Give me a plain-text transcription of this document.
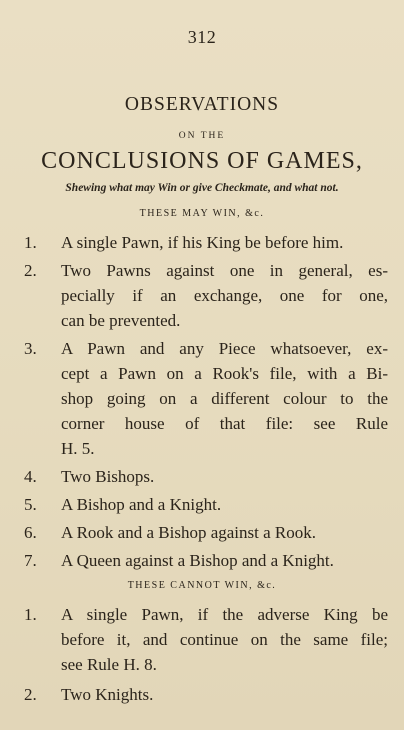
312
OBSERVATIONS
ON THE
CONCLUSIONS OF GAMES,
Shewing what may Win or give Checkmate, and what not.
THESE MAY WIN, &c.
1.	A single Pawn, if his King be before him.
2.	Two Pawns against one in general, es-
pecially if an exchange, one for one,
can be prevented.
3.	A Pawn and any Piece whatsoever, ex-
cept a Pawn on a Rook's file, with a Bi-
shop going on a different colour to the
corner house of that file: see Rule
H. 5.
4.	Two Bishops.
5.	A Bishop and a Knight.
6.	A Rook and a Bishop against a Rook.
7.	A Queen against a Bishop and a Knight.
THESE CANNOT WIN, &c.
1.	A single Pawn, if the adverse King be
before it, and continue on the same file;
see Rule H. 8.
2.	Two Knights.
